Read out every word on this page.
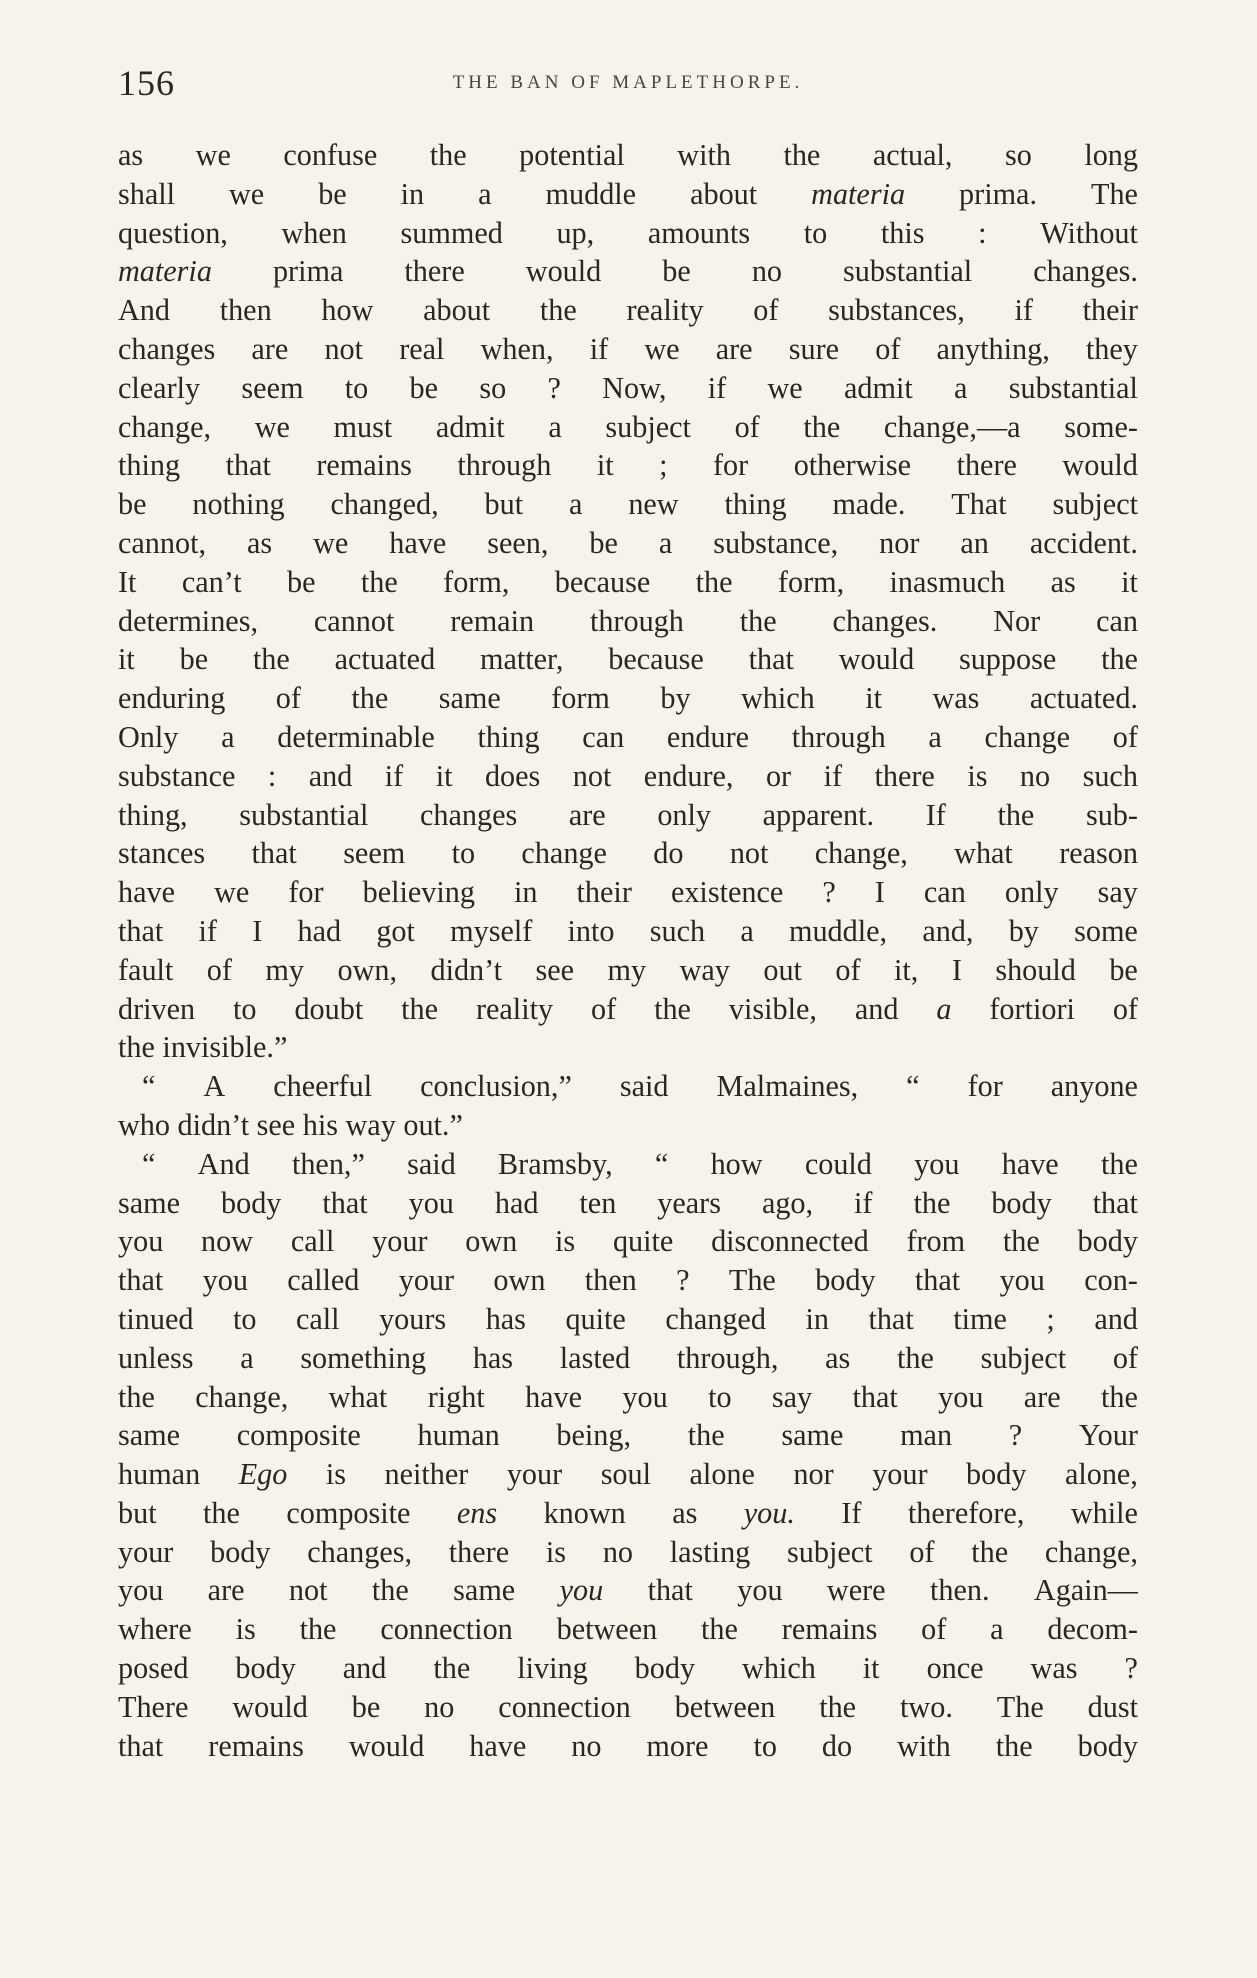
156	THE BAN OF MAPLETHORPE.
as we confuse the potential with the actual, so long
shall we be in a muddle about materia prima. The
question, when summed up, amounts to this : Without
materia prima there would be no substantial changes.
And then how about the reality of substances, if their
changes are not real when, if we are sure of anything, they
clearly seem to be so ? Now, if we admit a substantial
change, we must admit a subject of the change,—a some-
thing that remains through it ; for otherwise there would
be nothing changed, but a new thing made. That subject
cannot, as we have seen, be a substance, nor an accident.
It can’t be the form, because the form, inasmuch as it
determines, cannot remain through the changes. Nor can
it be the actuated matter, because that would suppose the
enduring of the same form by which it was actuated.
Only a determinable thing can endure through a change of
substance : and if it does not endure, or if there is no such
thing, substantial changes are only apparent. If the sub-
stances that seem to change do not change, what reason
have we for believing in their existence ? I can only say
that if I had got myself into such a muddle, and, by some
fault of my own, didn’t see my way out of it, I should be
driven to doubt the reality of the visible, and a fortiori of
the invisible.”
“ A cheerful conclusion,” said Malmaines, “ for anyone
who didn’t see his way out.”
“ And then,” said Bramsby, “ how could you have the
same body that you had ten years ago, if the body that
you now call your own is quite disconnected from the body
that you called your own then ? The body that you con-
tinued to call yours has quite changed in that time ; and
unless a something has lasted through, as the subject of
the change, what right have you to say that you are the
same composite human being, the same man ? Your
human Ego is neither your soul alone nor your body alone,
but the composite ens known as you. If therefore, while
your body changes, there is no lasting subject of the change,
you are not the same you that you were then. Again—
where is the connection between the remains of a decom-
posed body and the living body which it once was ?
There would be no connection between the two. The dust
that remains would have no more to do with the body
